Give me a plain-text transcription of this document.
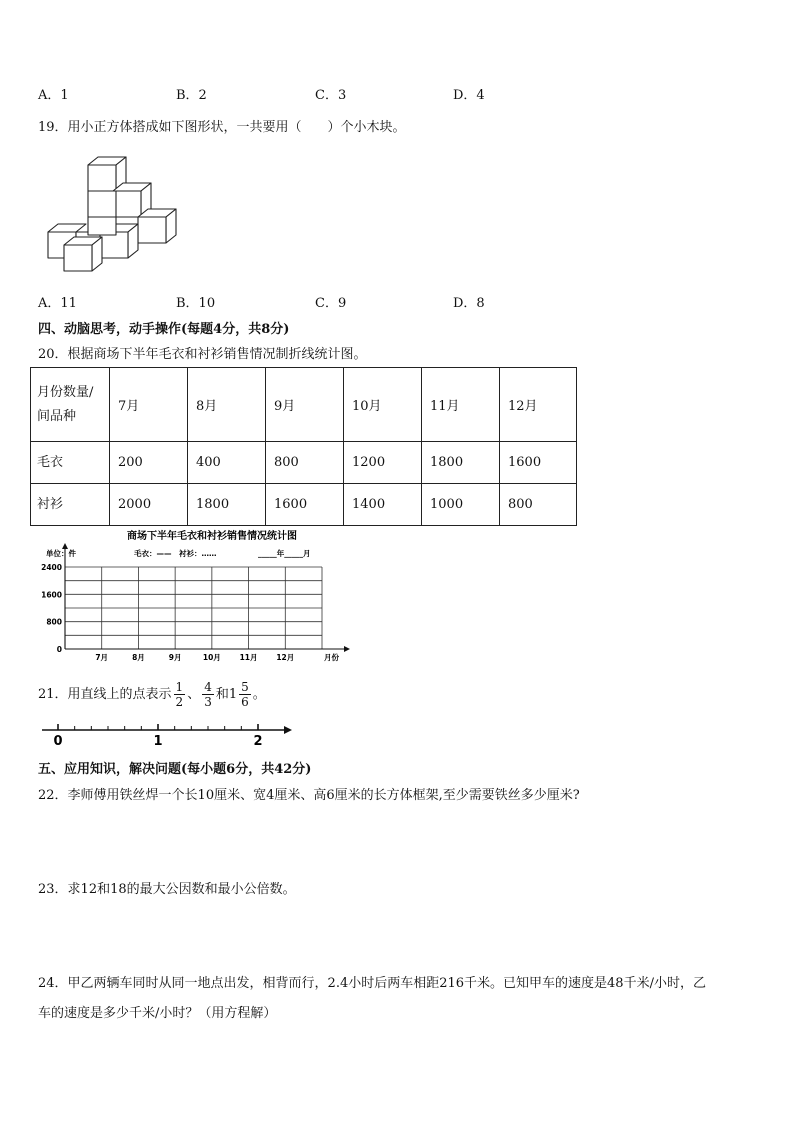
A．1	B．2	C．3	D．4
19．用小正方体搭成如下图形状，一共要用（　　）个小木块。
A．11	B．10	C．9	D．8
四、动脑思考，动手操作(每题4分，共8分)
20．根据商场下半年毛衣和衬衫销售情况制折线统计图。
月份数量/
间品种	7月	8月	9月	10月	11月	12月
毛衣	200	400	800	1200	1800	1600
衬衫	2000	1800	1600	1400	1000	800
商场下半年毛衣和衬衫销售情况统计图
单位：件	毛衣：——　衬衫：……	_____年_____月
2400
1600
800
0
7月	8月	9月	10月	11月	12月	月份
21．用直线上的点表示 $\frac{1}{2}$ 、 $\frac{4}{3}$ 和$1 \frac{5}{6}$ 。
0	1	2
五、应用知识，解决问题(每小题6分，共42分)
22．李师傅用铁丝焊一个长10厘米、宽4厘米、高6厘米的长方体框架,至少需要铁丝多少厘米?
23．求12和18的最大公因数和最小公倍数。
24．甲乙两辆车同时从同一地点出发，相背而行，2.4小时后两车相距216千米。已知甲车的速度是48千米/小时，乙
车的速度是多少千米/小时？（用方程解）
